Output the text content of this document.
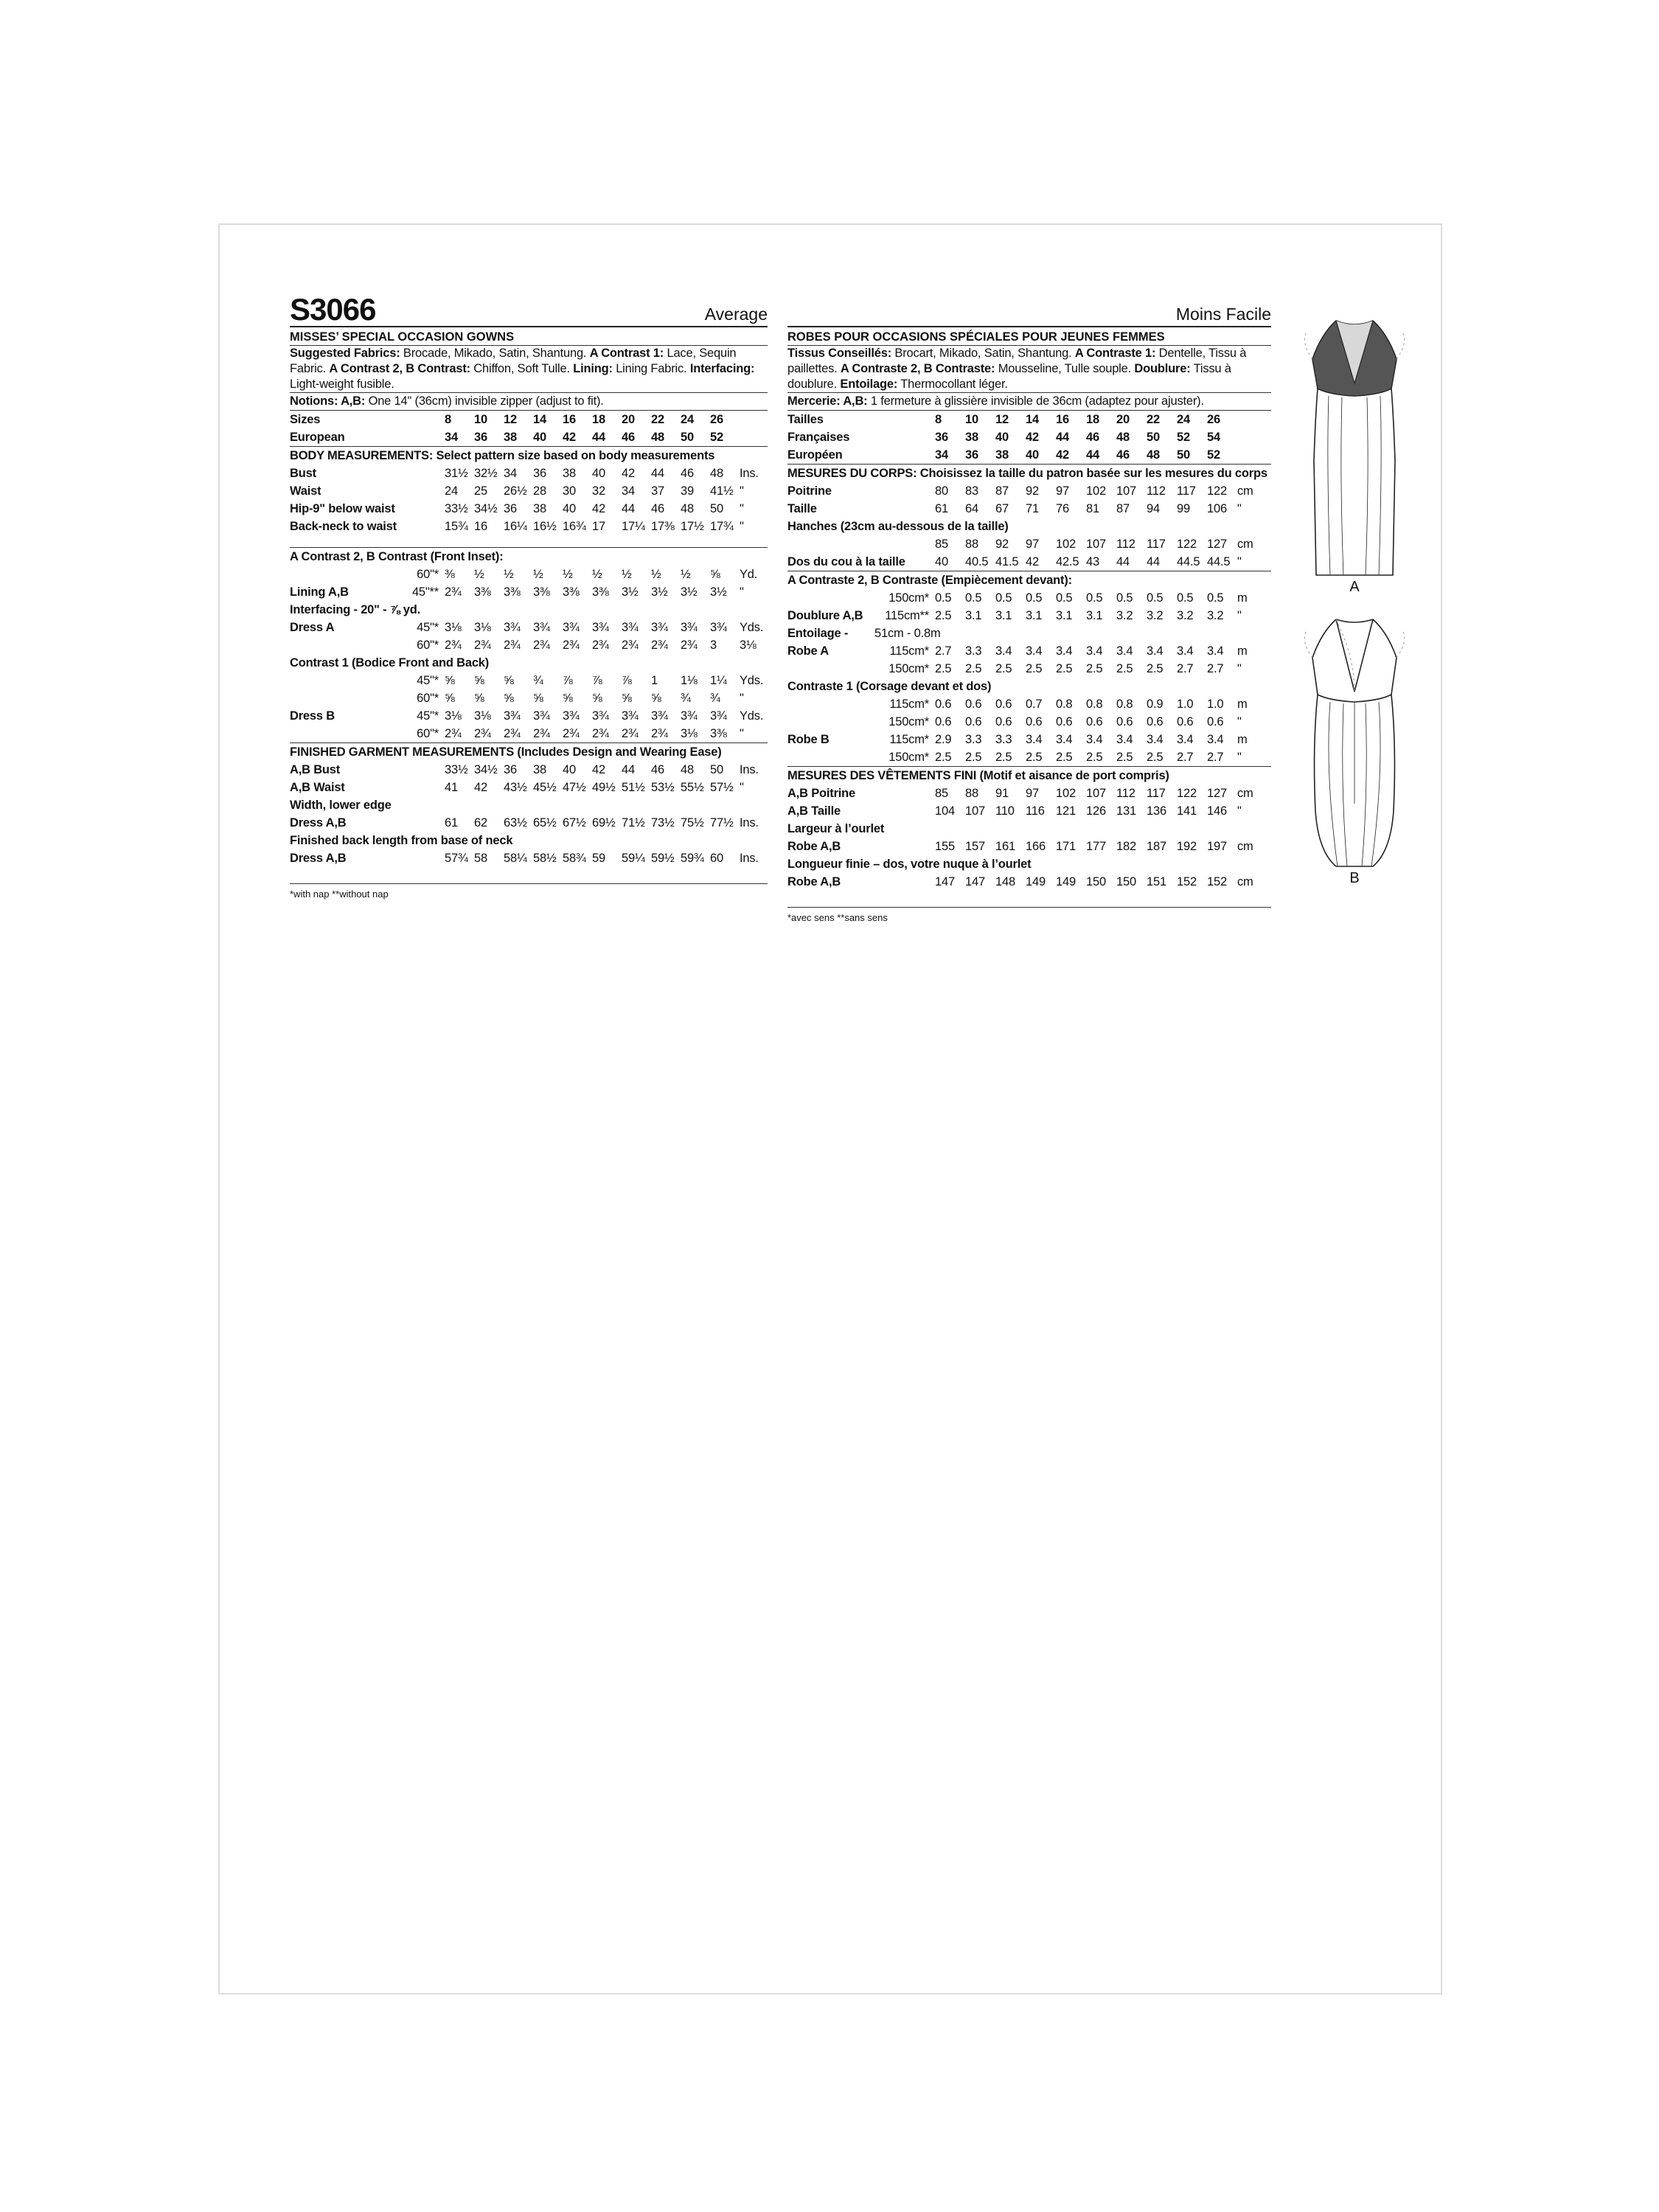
S3066	Average
MISSES’ SPECIAL OCCASION GOWNS
Suggested Fabrics: Brocade, Mikado, Satin, Shantung. A Contrast 1: Lace, Sequin Fabric. A Contrast 2, B Contrast: Chiffon, Soft Tulle. Lining: Lining Fabric. Interfacing: Light-weight fusible.
Notions: A,B: One 14" (36cm) invisible zipper (adjust to fit).
Sizes		8	10	12	14	16	18	20	22	24	26	
European		34	36	38	40	42	44	46	48	50	52	
BODY MEASUREMENTS: Select pattern size based on body measurements												
Bust		31½	32½	34	36	38	40	42	44	46	48	Ins.
Waist		24	25	26½	28	30	32	34	37	39	41½	"
Hip-9" below waist		33½	34½	36	38	40	42	44	46	48	50	"
Back-neck to waist		15¾	16	16¼	16½	16¾	17	17¼	17⅜	17½	17¾	"

A Contrast 2, B Contrast (Front Inset):												
	60"*	⅜	½	½	½	½	½	½	½	½	⅝	Yd.
Lining A,B	45"**	2¾	3⅜	3⅜	3⅜	3⅜	3⅜	3½	3½	3½	3½	"
Interfacing - 20" - ⅞ yd.												
Dress A	45"*	3⅛	3⅛	3¾	3¾	3¾	3¾	3¾	3¾	3¾	3¾	Yds.
	60"*	2¾	2¾	2¾	2¾	2¾	2¾	2¾	2¾	2¾	3	3⅛
Contrast 1 (Bodice Front and Back)												
	45"*	⅝	⅝	⅝	¾	⅞	⅞	⅞	1	1⅛	1¼	Yds.
	60"*	⅝	⅝	⅝	⅝	⅝	⅝	⅝	⅝	¾	¾	"
Dress B	45"*	3⅛	3⅛	3¾	3¾	3¾	3¾	3¾	3¾	3¾	3¾	Yds.
	60"*	2¾	2¾	2¾	2¾	2¾	2¾	2¾	2¾	3⅛	3⅜	"
FINISHED GARMENT MEASUREMENTS (Includes Design and Wearing Ease)												
A,B Bust		33½	34½	36	38	40	42	44	46	48	50	Ins.
A,B Waist		41	42	43½	45½	47½	49½	51½	53½	55½	57½	"
Width, lower edge												
Dress A,B		61	62	63½	65½	67½	69½	71½	73½	75½	77½	Ins.
Finished back length from base of neck												
Dress A,B		57¾	58	58¼	58½	58¾	59	59¼	59½	59¾	60	Ins.
*with nap **without nap
Moins Facile
ROBES POUR OCCASIONS SPÉCIALES POUR JEUNES FEMMES
Tissus Conseillés: Brocart, Mikado, Satin, Shantung. A Contraste 1: Dentelle, Tissu à paillettes. A Contraste 2, B Contraste: Mousseline, Tulle souple. Doublure: Tissu à doublure. Entoilage: Thermocollant léger.
Mercerie: A,B: 1 fermeture à glissière invisible de 36cm (adaptez pour ajuster).
Tailles		8	10	12	14	16	18	20	22	24	26	
Françaises		36	38	40	42	44	46	48	50	52	54	
Européen		34	36	38	40	42	44	46	48	50	52	
MESURES DU CORPS: Choisissez la taille du patron basée sur les mesures du corps												
Poitrine		80	83	87	92	97	102	107	112	117	122	cm
Taille		61	64	67	71	76	81	87	94	99	106	"
Hanches (23cm au-dessous de la taille)												
		85	88	92	97	102	107	112	117	122	127	cm
Dos du cou à la taille		40	40.5	41.5	42	42.5	43	44	44	44.5	44.5	"
A Contraste 2, B Contraste (Empiècement devant):												
	150cm*	0.5	0.5	0.5	0.5	0.5	0.5	0.5	0.5	0.5	0.5	m
Doublure A,B	115cm**	2.5	3.1	3.1	3.1	3.1	3.1	3.2	3.2	3.2	3.2	"
Entoilage -	51cm - 0.8m											
Robe A	115cm*	2.7	3.3	3.4	3.4	3.4	3.4	3.4	3.4	3.4	3.4	m
	150cm*	2.5	2.5	2.5	2.5	2.5	2.5	2.5	2.5	2.7	2.7	"
Contraste 1 (Corsage devant et dos)												
	115cm*	0.6	0.6	0.6	0.7	0.8	0.8	0.8	0.9	1.0	1.0	m
	150cm*	0.6	0.6	0.6	0.6	0.6	0.6	0.6	0.6	0.6	0.6	"
Robe B	115cm*	2.9	3.3	3.3	3.4	3.4	3.4	3.4	3.4	3.4	3.4	m
	150cm*	2.5	2.5	2.5	2.5	2.5	2.5	2.5	2.5	2.7	2.7	"
MESURES DES VÊTEMENTS FINI (Motif et aisance de port compris)												
A,B Poitrine		85	88	91	97	102	107	112	117	122	127	cm
A,B Taille		104	107	110	116	121	126	131	136	141	146	"
Largeur à l’ourlet												
Robe A,B		155	157	161	166	171	177	182	187	192	197	cm
Longueur finie – dos, votre nuque à l’ourlet												
Robe A,B		147	147	148	149	149	150	150	151	152	152	cm
*avec sens **sans sens
A
B
